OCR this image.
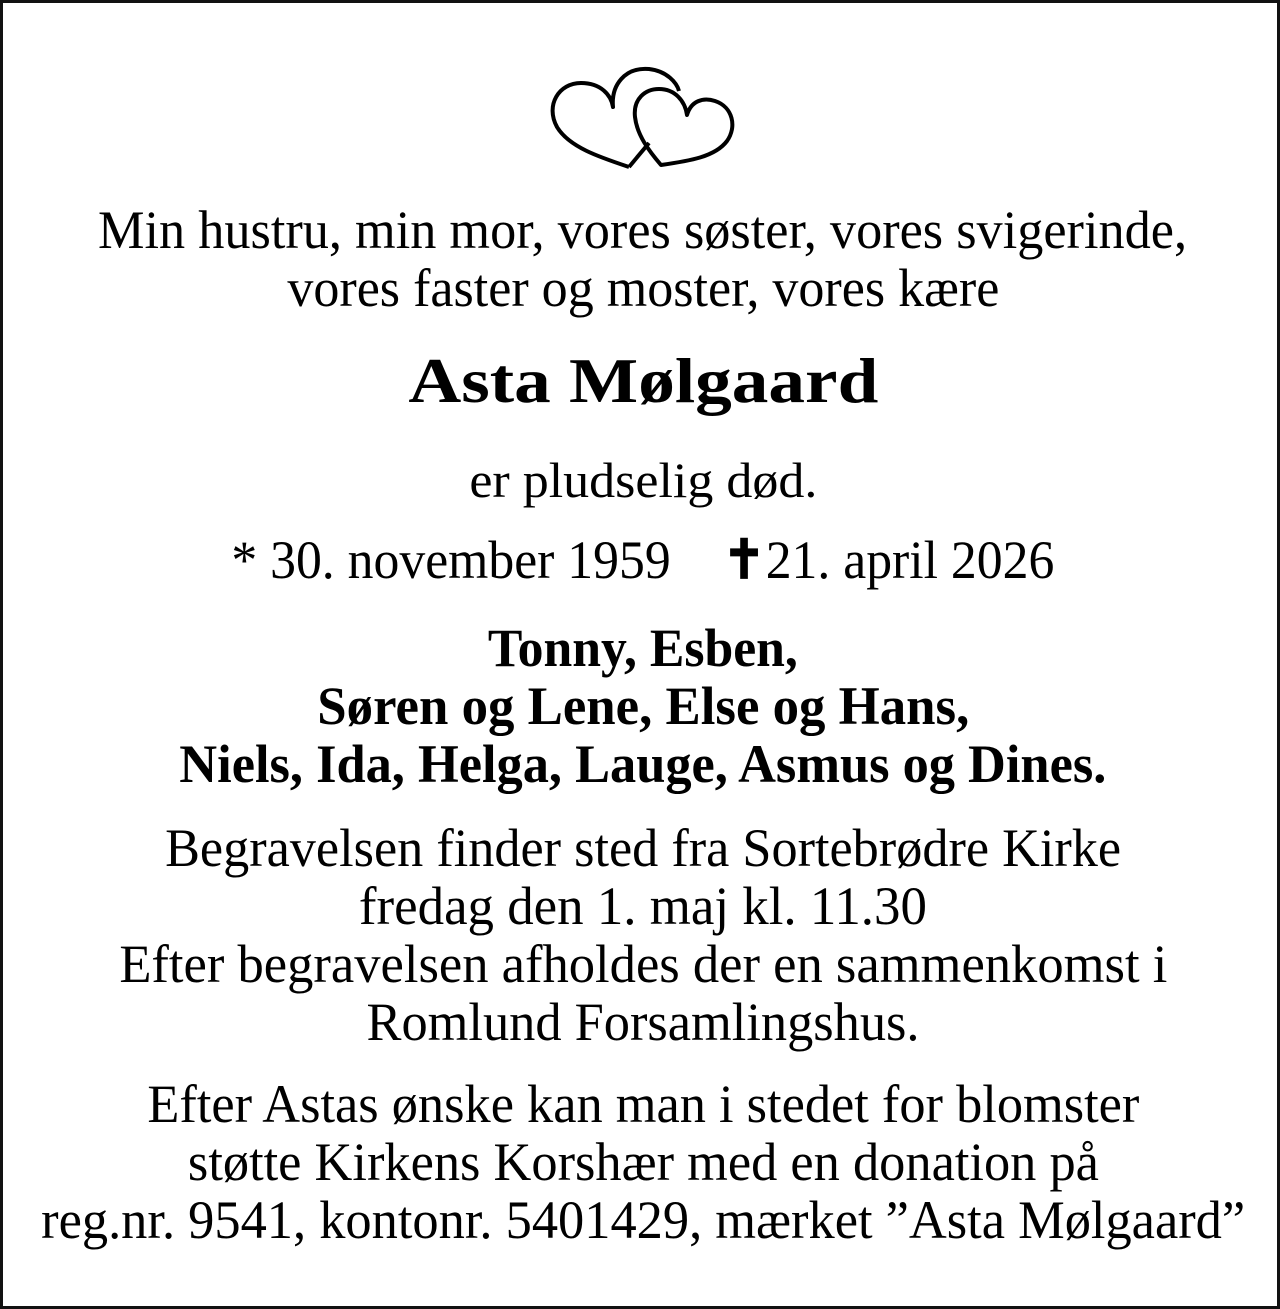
Min hustru, min mor, vores søster, vores svigerinde,
vores faster og moster, vores kære
Asta Mølgaard
er pludselig død.
* 30. november 1959 ✝21. april 2026
Tonny, Esben,
Søren og Lene, Else og Hans,
Niels, Ida, Helga, Lauge, Asmus og Dines.
Begravelsen finder sted fra Sortebrødre Kirke
fredag den 1. maj kl. 11.30
Efter begravelsen afholdes der en sammenkomst i
Romlund Forsamlingshus.
Efter Astas ønske kan man i stedet for blomster
støtte Kirkens Korshær med en donation på
reg.nr. 9541, kontonr. 5401429, mærket ”Asta Mølgaard”
